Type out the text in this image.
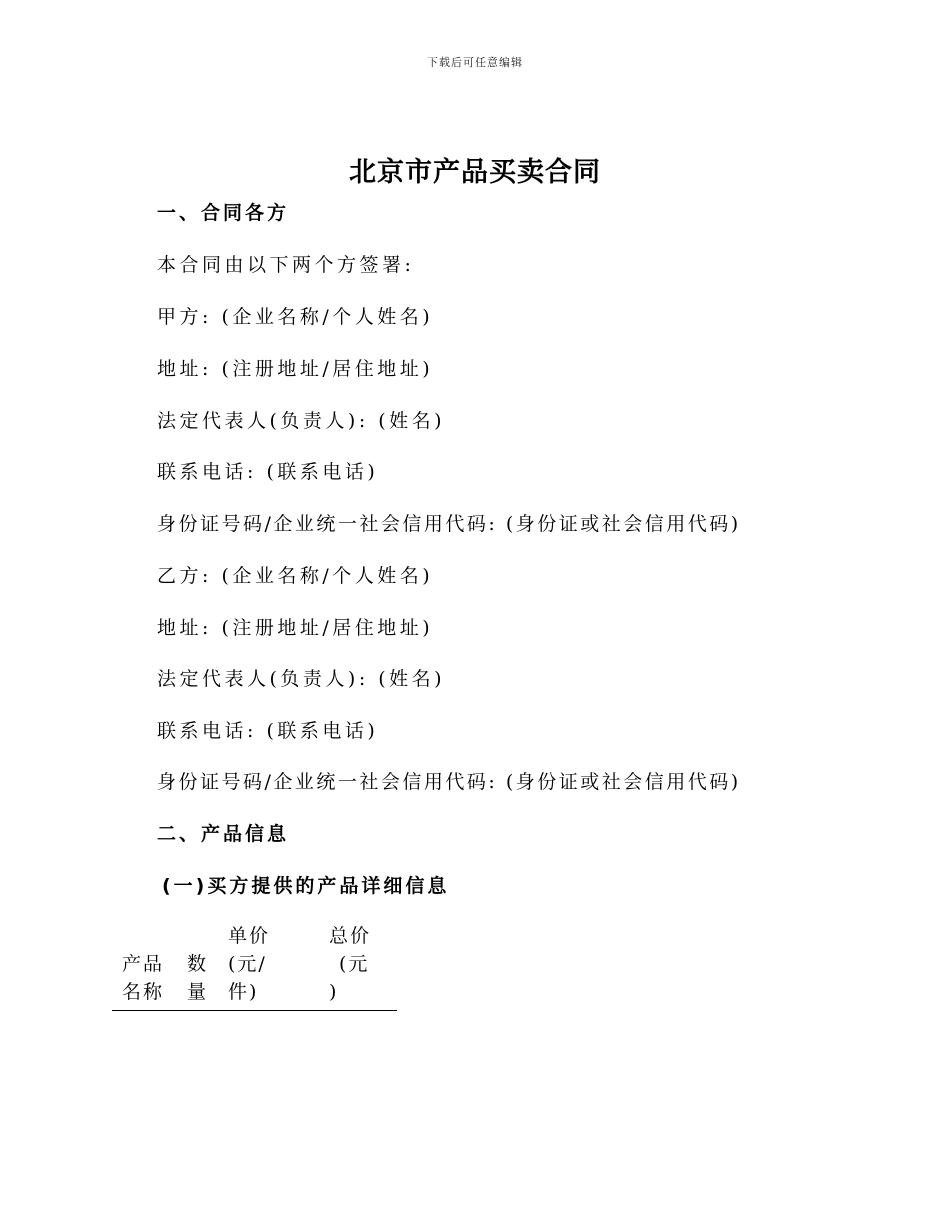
下载后可任意编辑
北京市产品买卖合同
一、合同各方
本合同由以下两个方签署:
甲方: (企业名称/个人姓名)
地址: (注册地址/居住地址)
法定代表人(负责人): (姓名)
联系电话: (联系电话)
身份证号码/企业统一社会信用代码: (身份证或社会信用代码)
乙方: (企业名称/个人姓名)
地址: (注册地址/居住地址)
法定代表人(负责人): (姓名)
联系电话: (联系电话)
身份证号码/企业统一社会信用代码: (身份证或社会信用代码)
二、产品信息
(一)买方提供的产品详细信息

产品
名称

数
量
单价
(元/
件)
总价
(元
)
